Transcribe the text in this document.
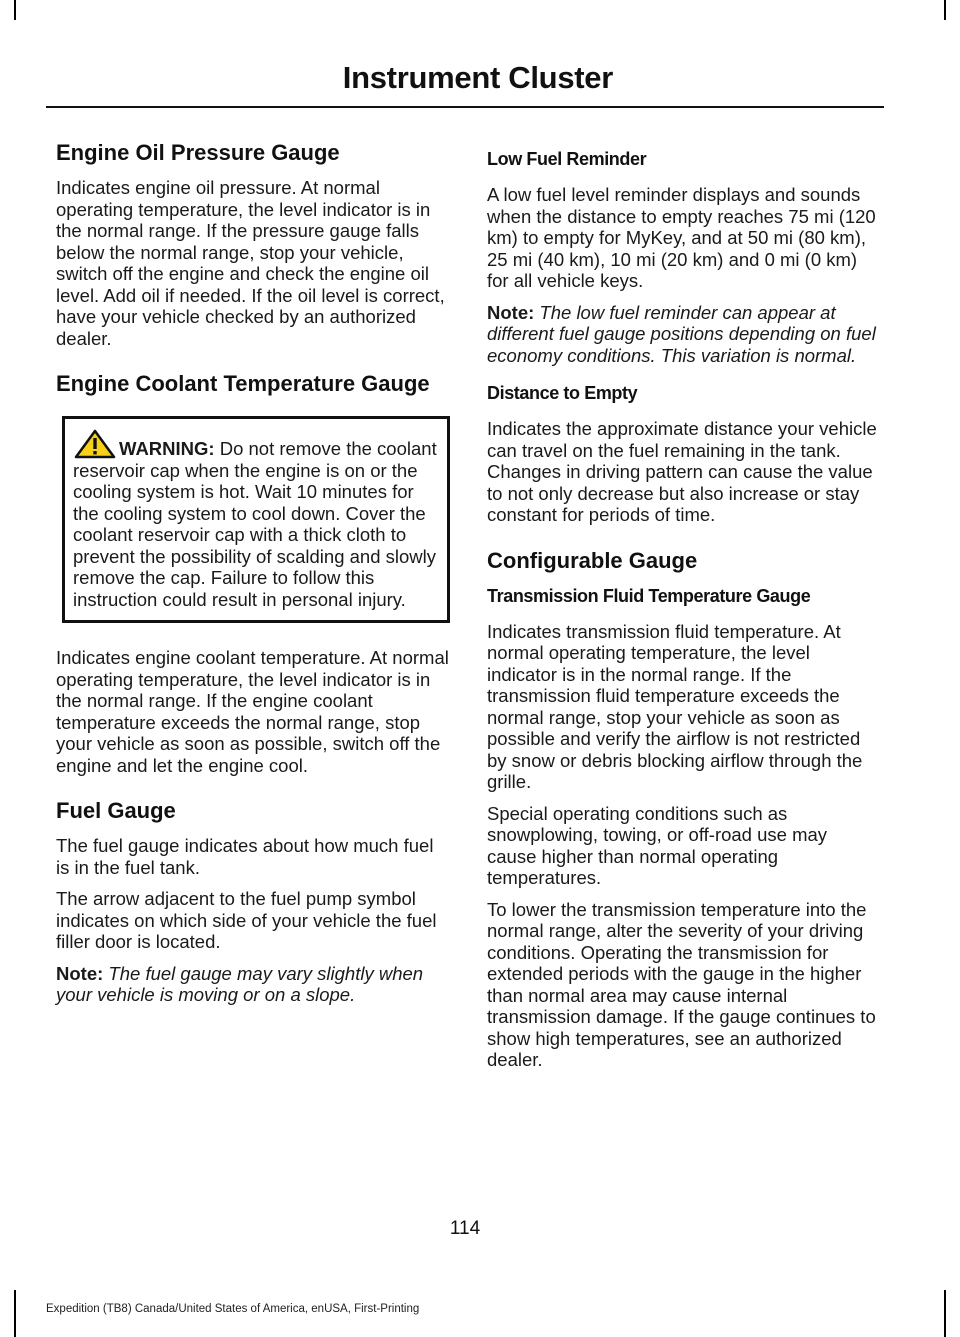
Instrument Cluster
Engine Oil Pressure Gauge

Indicates engine oil pressure. At normal operating temperature, the level indicator is in the normal range. If the pressure gauge falls below the normal range, stop your vehicle, switch off the engine and check the engine oil level. Add oil if needed. If the oil level is correct, have your vehicle checked by an authorized dealer.

Engine Coolant Temperature Gauge
WARNING: Do not remove the coolant reservoir cap when the engine is on or the cooling system is hot. Wait 10 minutes for the cooling system to cool down. Cover the coolant reservoir cap with a thick cloth to prevent the possibility of scalding and slowly remove the cap. Failure to follow this instruction could result in personal injury.

Indicates engine coolant temperature. At normal operating temperature, the level indicator is in the normal range. If the engine coolant temperature exceeds the normal range, stop your vehicle as soon as possible, switch off the engine and let the engine cool.

Fuel Gauge

The fuel gauge indicates about how much fuel is in the fuel tank.

The arrow adjacent to the fuel pump symbol indicates on which side of your vehicle the fuel filler door is located.

Note: The fuel gauge may vary slightly when your vehicle is moving or on a slope.

Low Fuel Reminder

A low fuel level reminder displays and sounds when the distance to empty reaches 75 mi (120 km) to empty for MyKey, and at 50 mi (80 km), 25 mi (40 km), 10 mi (20 km) and 0 mi (0 km) for all vehicle keys.

Note: The low fuel reminder can appear at different fuel gauge positions depending on fuel economy conditions. This variation is normal.

Distance to Empty

Indicates the approximate distance your vehicle can travel on the fuel remaining in the tank. Changes in driving pattern can cause the value to not only decrease but also increase or stay constant for periods of time.

Configurable Gauge
Transmission Fluid Temperature Gauge

Indicates transmission fluid temperature. At normal operating temperature, the level indicator is in the normal range. If the transmission fluid temperature exceeds the normal range, stop your vehicle as soon as possible and verify the airflow is not restricted by snow or debris blocking airflow through the grille.

Special operating conditions such as snowplowing, towing, or off-road use may cause higher than normal operating temperatures.

To lower the transmission temperature into the normal range, alter the severity of your driving conditions. Operating the transmission for extended periods with the gauge in the higher than normal area may cause internal transmission damage. If the gauge continues to show high temperatures, see an authorized dealer.

114
Expedition (TB8) Canada/United States of America, enUSA, First-Printing
